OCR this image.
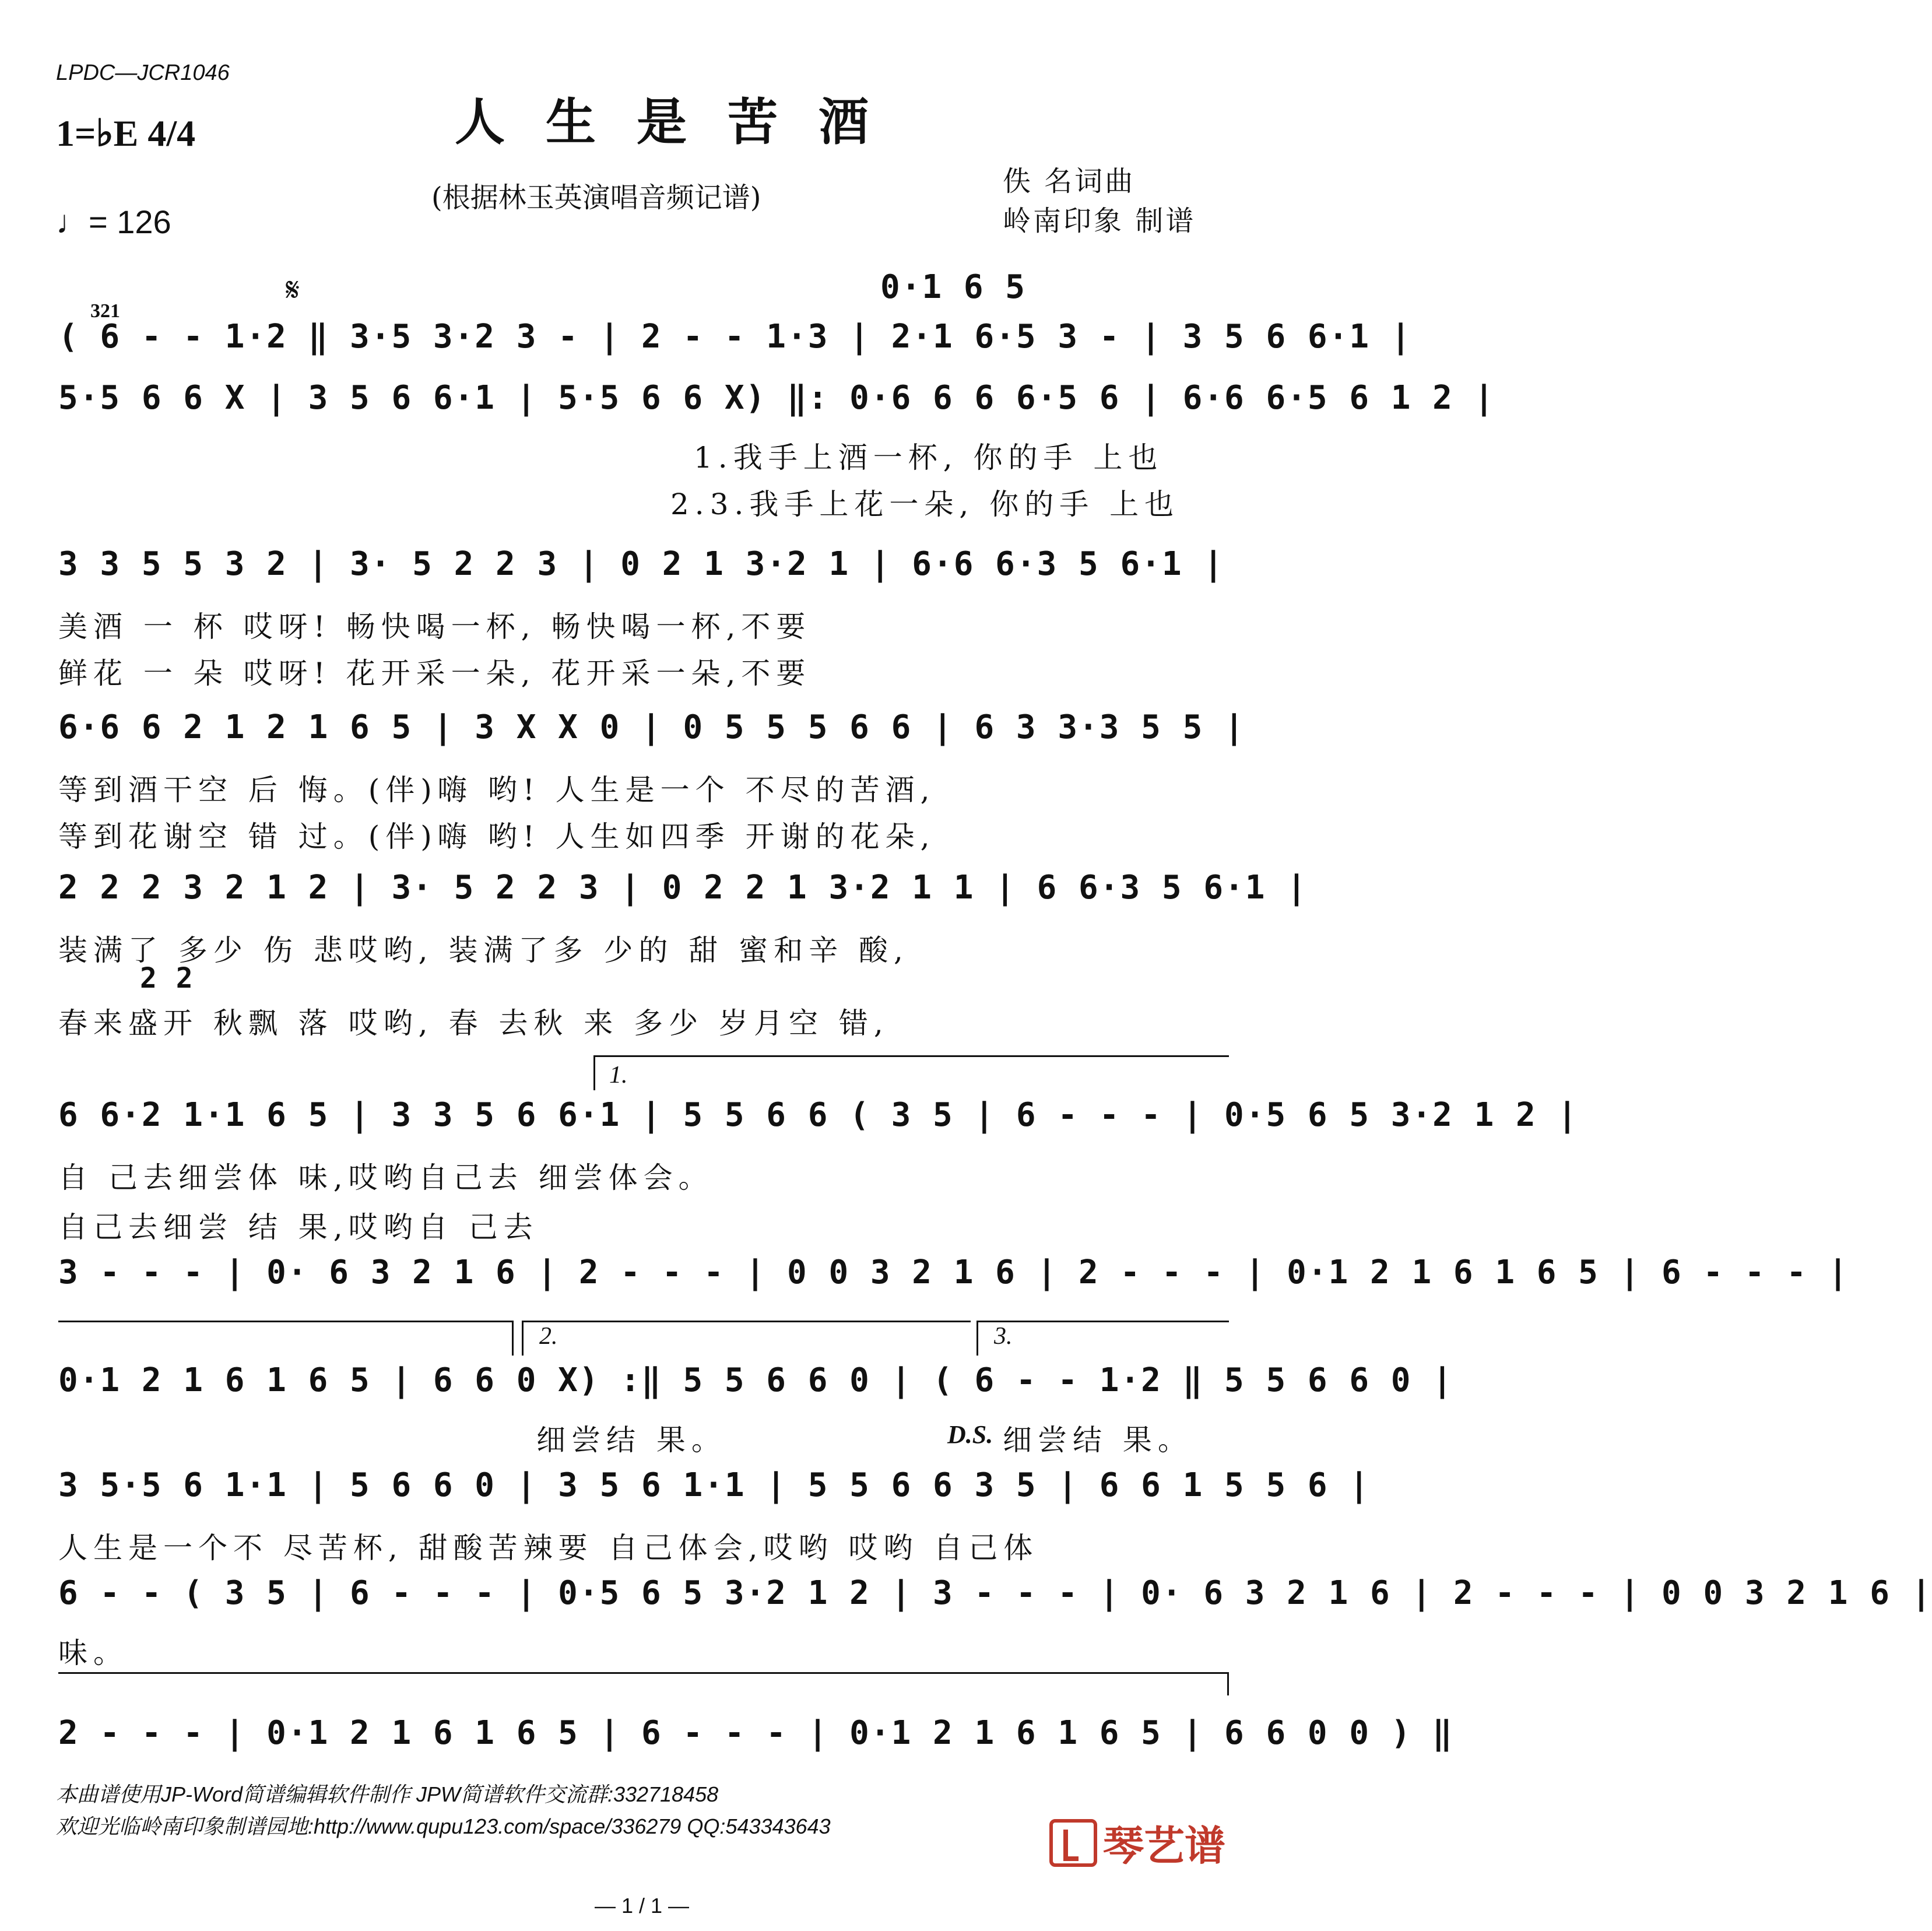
LPDC—JCR1046
人生是苦酒
1=♭E 4/4
(根据林玉英演唱音频记谱)
♩= 126
佚 名词曲
岭南印象 制谱
𝄋
321
0·1 6 5
2 2
( 6 - - 1·2 ‖ 3·5 3·2 3 - | 2 - - 1·3 | 2·1 6·5 3 - | 3 5 6 6·1 |
5·5 6 6 X | 3 5 6 6·1 | 5·5 6 6 X) ‖: 0·6 6 6 6·5 6 | 6·6 6·5 6 1 2 |
1.我手上酒一杯, 你的手 上也
2.3.我手上花一朵, 你的手 上也
3 3 5 5 3 2 | 3· 5 2 2 3 | 0 2 1 3·2 1 | 6·6 6·3 5 6·1 |
美酒 一 杯 哎呀! 畅快喝一杯, 畅快喝一杯,不要
鲜花 一 朵 哎呀! 花开采一朵, 花开采一朵,不要
6·6 6 2 1 2 1 6 5 | 3 X X 0 | 0 5 5 5 6 6 | 6 3 3·3 5 5 |
等到酒干空 后 悔。(伴)嗨 哟! 人生是一个 不尽的苦酒,
等到花谢空 错 过。(伴)嗨 哟! 人生如四季 开谢的花朵,
2 2 2 3 2 1 2 | 3· 5 2 2 3 | 0 2 2 1 3·2 1 1 | 6 6·3 5 6·1 |
装满了 多少 伤 悲哎哟, 装满了多 少的 甜 蜜和辛 酸,
春来盛开 秋飘 落 哎哟, 春 去秋 来 多少 岁月空 错,
1.
6 6·2 1·1 6 5 | 3 3 5 6 6·1 | 5 5 6 6 ( 3 5 | 6 - - - | 0·5 6 5 3·2 1 2 |
自 己去细尝体 味,哎哟自己去 细尝体会。
自己去细尝 结 果,哎哟自 己去
3 - - - | 0· 6 3 2 1 6 | 2 - - - | 0 0 3 2 1 6 | 2 - - - | 0·1 2 1 6 1 6 5 | 6 - - - |
2.	3.
0·1 2 1 6 1 6 5 | 6 6 0 X) :‖ 5 5 6 6 0 | ( 6 - - 1·2 ‖ 5 5 6 6 0 |
细尝结 果。	D.S. 细尝结 果。
3 5·5 6 1·1 | 5 6 6 0 | 3 5 6 1·1 | 5 5 6 6 3 5 | 6 6 1 5 5 6 |
人生是一个不 尽苦杯, 甜酸苦辣要 自己体会,哎哟 哎哟 自己体
6 - - ( 3 5 | 6 - - - | 0·5 6 5 3·2 1 2 | 3 - - - | 0· 6 3 2 1 6 | 2 - - - | 0 0 3 2 1 6 |
味。
2 - - - | 0·1 2 1 6 1 6 5 | 6 - - - | 0·1 2 1 6 1 6 5 | 6 6 0 0 ) ‖
本曲谱使用JP-Word简谱编辑软件制作 JPW简谱软件交流群:332718458
欢迎光临岭南印象制谱园地:http://www.qupu123.com/space/336279 QQ:543343643	琴艺谱
— 1 / 1 —
